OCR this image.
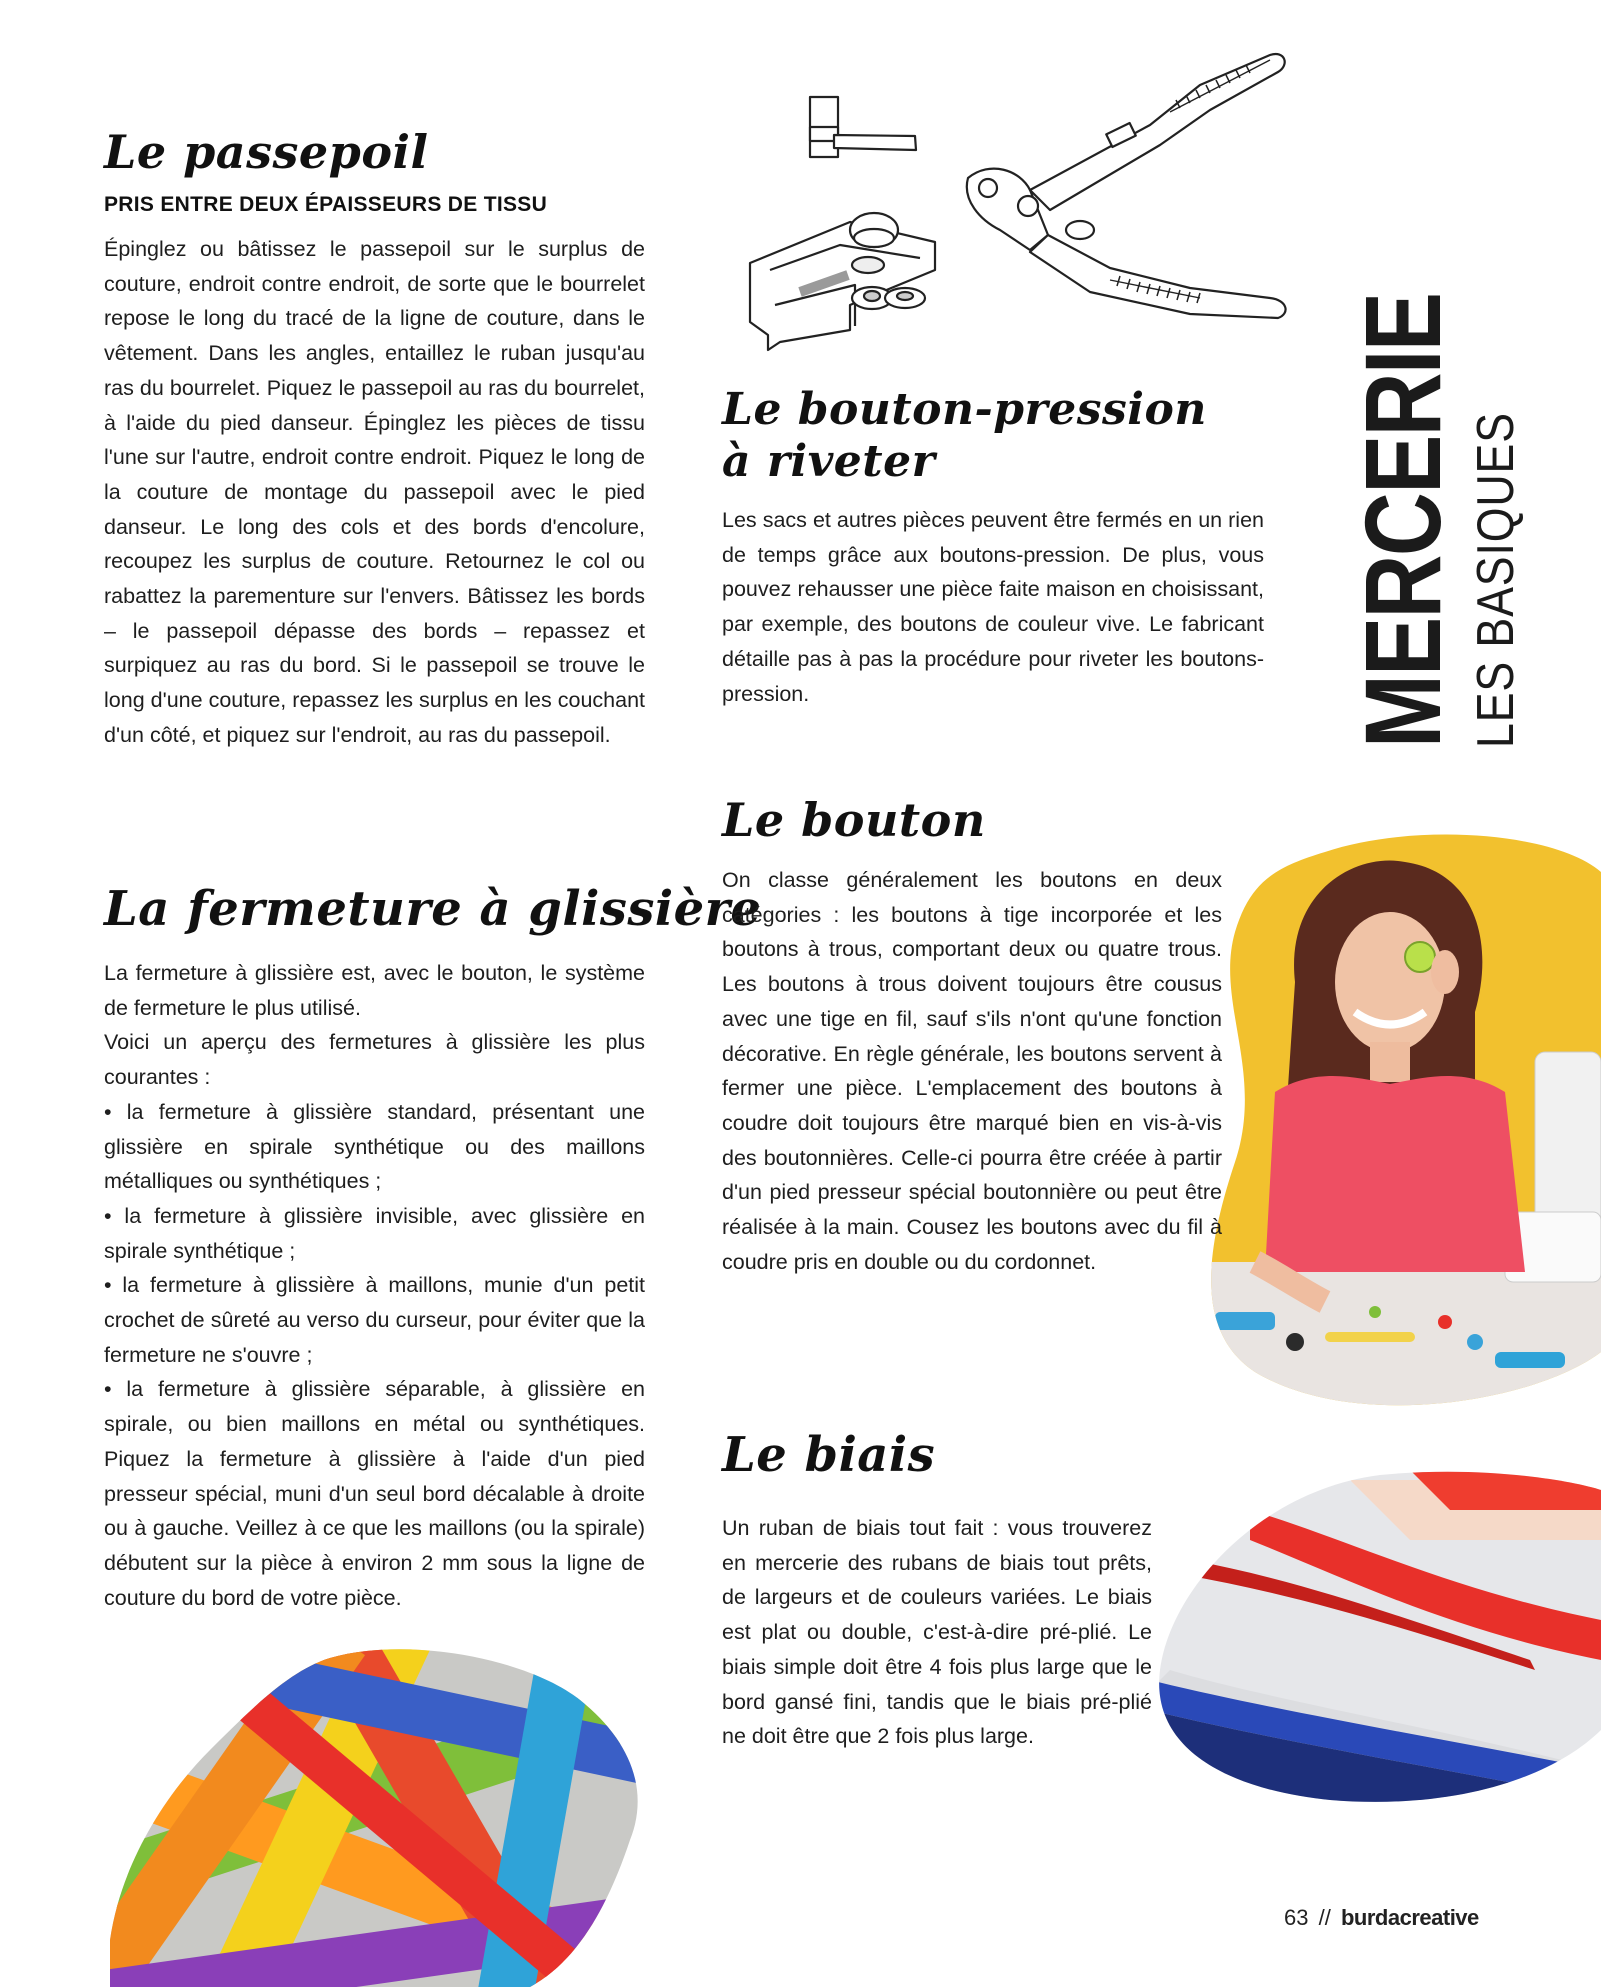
Le passepoil
PRIS ENTRE DEUX ÉPAISSEURS DE TISSU

Épinglez ou bâtissez le passepoil sur le surplus de couture, endroit contre endroit, de sorte que le bourrelet repose le long du tracé de la ligne de couture, dans le vêtement. Dans les angles, entaillez le ruban jusqu'au ras du bourrelet. Piquez le passepoil au ras du bourrelet, à l'aide du pied danseur. Épinglez les pièces de tissu l'une sur l'autre, endroit contre endroit. Piquez le long de la couture de montage du passepoil avec le pied danseur. Le long des cols et des bords d'encolure, recoupez les surplus de couture. Retournez le col ou rabattez la parementure sur l'envers. Bâtissez les bords – le passepoil dépasse des bords – repassez et surpiquez au ras du bord. Si le passepoil se trouve le long d'une couture, repassez les surplus en les couchant d'un côté, et piquez sur l'endroit, au ras du passepoil.

La fermeture à glissière

La fermeture à glissière est, avec le bouton, le système de fermeture le plus utilisé.

Voici un aperçu des fermetures à glissière les plus courantes :

• la fermeture à glissière standard, présentant une glissière en spirale synthétique ou des maillons métalliques ou synthétiques ;

• la fermeture à glissière invisible, avec glissière en spirale synthétique ;

• la fermeture à glissière à maillons, munie d'un petit crochet de sûreté au verso du curseur, pour éviter que la fermeture ne s'ouvre ;

• la fermeture à glissière séparable, à glissière en spirale, ou bien maillons en métal ou synthétiques. Piquez la fermeture à glissière à l'aide d'un pied presseur spécial, muni d'un seul bord décalable à droite ou à gauche. Veillez à ce que les maillons (ou la spirale) débutent sur la pièce à environ 2 mm sous la ligne de couture du bord de votre pièce.

Le bouton-pression
à riveter

Les sacs et autres pièces peuvent être fermés en un rien de temps grâce aux boutons-pression. De plus, vous pouvez rehausser une pièce faite maison en choisissant, par exemple, des boutons de couleur vive. Le fabricant détaille pas à pas la procédure pour riveter les boutons-pression.

Le bouton

On classe généralement les boutons en deux catégories : les boutons à tige incorporée et les boutons à trous, comportant deux ou quatre trous. Les boutons à trous doivent toujours être cousus avec une tige en fil, sauf s'ils n'ont qu'une fonction décorative. En règle générale, les boutons servent à fermer une pièce. L'emplacement des boutons à coudre doit toujours être marqué bien en vis-à-vis des boutonnières. Celle-ci pourra être créée à partir d'un pied presseur spécial boutonnière ou peut être réalisée à la main. Cousez les boutons avec du fil à coudre pris en double ou du cordonnet.

Le biais

Un ruban de biais tout fait : vous trouverez en mercerie des rubans de biais tout prêts, de largeurs et de couleurs variées. Le biais est plat ou double, c'est-à-dire pré-plié. Le biais simple doit être 4 fois plus large que le bord gansé fini, tandis que le biais pré-plié ne doit être que 2 fois plus large.

MERCERIE LES BASIQUES
63 // burdacreative
